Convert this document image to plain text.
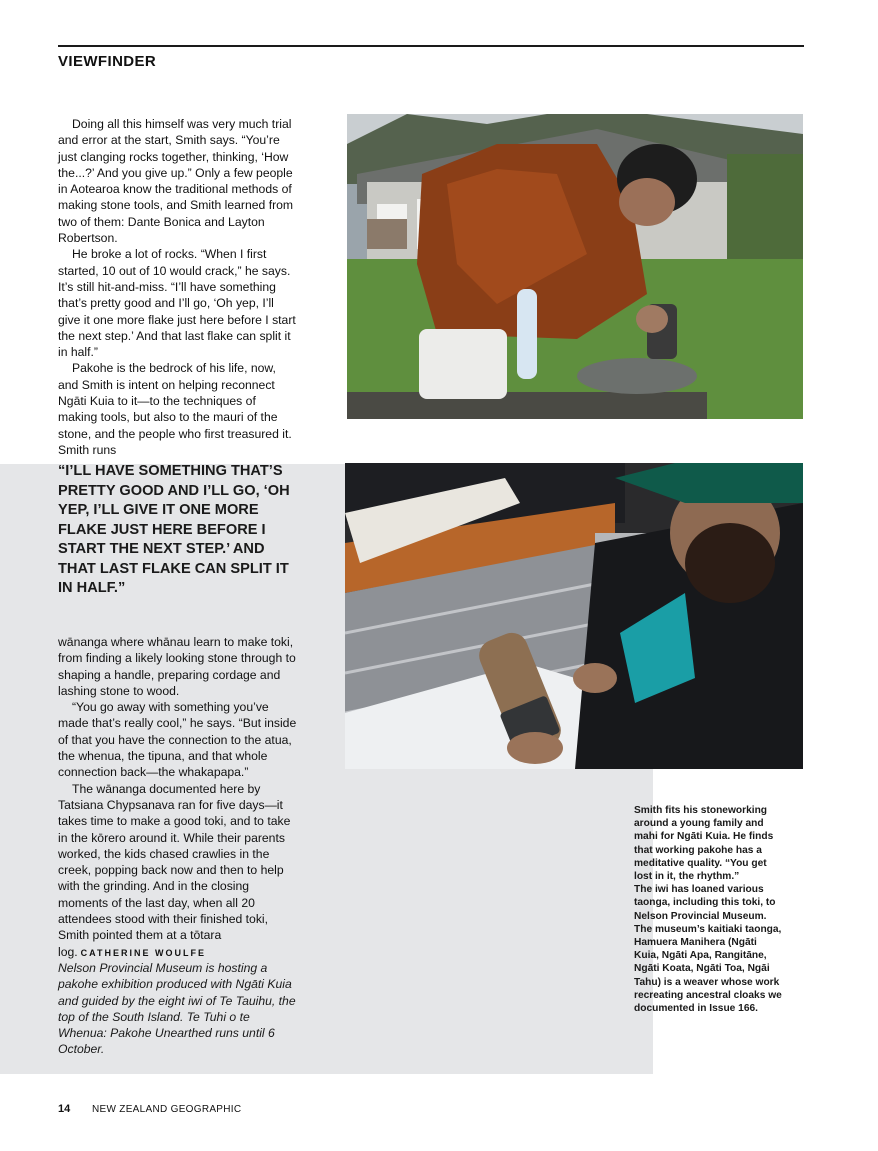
VIEWFINDER

Doing all this himself was very much trial and error at the start, Smith says. “You’re just clanging rocks together, thinking, ‘How the...?’ And you give up.” Only a few people in Aotearoa know the traditional methods of making stone tools, and Smith learned from two of them: Dante Bonica and Layton Robertson.

He broke a lot of rocks. “When I first started, 10 out of 10 would crack,” he says. It’s still hit-and-miss. “I’ll have something that’s pretty good and I’ll go, ‘Oh yep, I’ll give it one more flake just here before I start the next step.’ And that last flake can split it in half.”

Pakohe is the bedrock of his life, now, and Smith is intent on helping reconnect Ngāti Kuia to it—to the techniques of making tools, but also to the mauri of the stone, and the people who first treasured it. Smith runs

“I’LL HAVE SOMETHING THAT’S PRETTY GOOD AND I’LL GO, ‘OH YEP, I’LL GIVE IT ONE MORE FLAKE JUST HERE BEFORE I START THE NEXT STEP.’ AND THAT LAST FLAKE CAN SPLIT IT IN HALF.”

wānanga where whānau learn to make toki, from finding a likely looking stone through to shaping a handle, preparing cordage and lashing stone to wood.

“You go away with something you’ve made that’s really cool,” he says. “But inside of that you have the connection to the atua, the whenua, the tipuna, and that whole connection back—the whakapapa.”

The wānanga documented here by Tatsiana Chypsanava ran for five days—it takes time to make a good toki, and to take in the kōrero around it. While their parents worked, the kids chased crawlies in the creek, popping back now and then to help with the grinding. And in the closing moments of the last day, when all 20 attendees stood with their finished toki, Smith pointed them at a tōtara log. CATHERINE WOULFE

Nelson Provincial Museum is hosting a pakohe exhibition produced with Ngāti Kuia and guided by the eight iwi of Te Tauihu, the top of the South Island. Te Tuhi o te Whenua: Pakohe Unearthed runs until 6 October.

Smith fits his stoneworking around a young family and mahi for Ngāti Kuia. He finds that working pakohe has a meditative quality. “You get lost in it, the rhythm.”

The iwi has loaned various taonga, including this toki, to Nelson Provincial Museum. The museum’s kaitiaki taonga, Hamuera Manihera (Ngāti Kuia, Ngāti Apa, Rangitāne, Ngāti Koata, Ngāti Toa, Ngāi Tahu) is a weaver whose work recreating ancestral cloaks we documented in Issue 166.

14 NEW ZEALAND GEOGRAPHIC
